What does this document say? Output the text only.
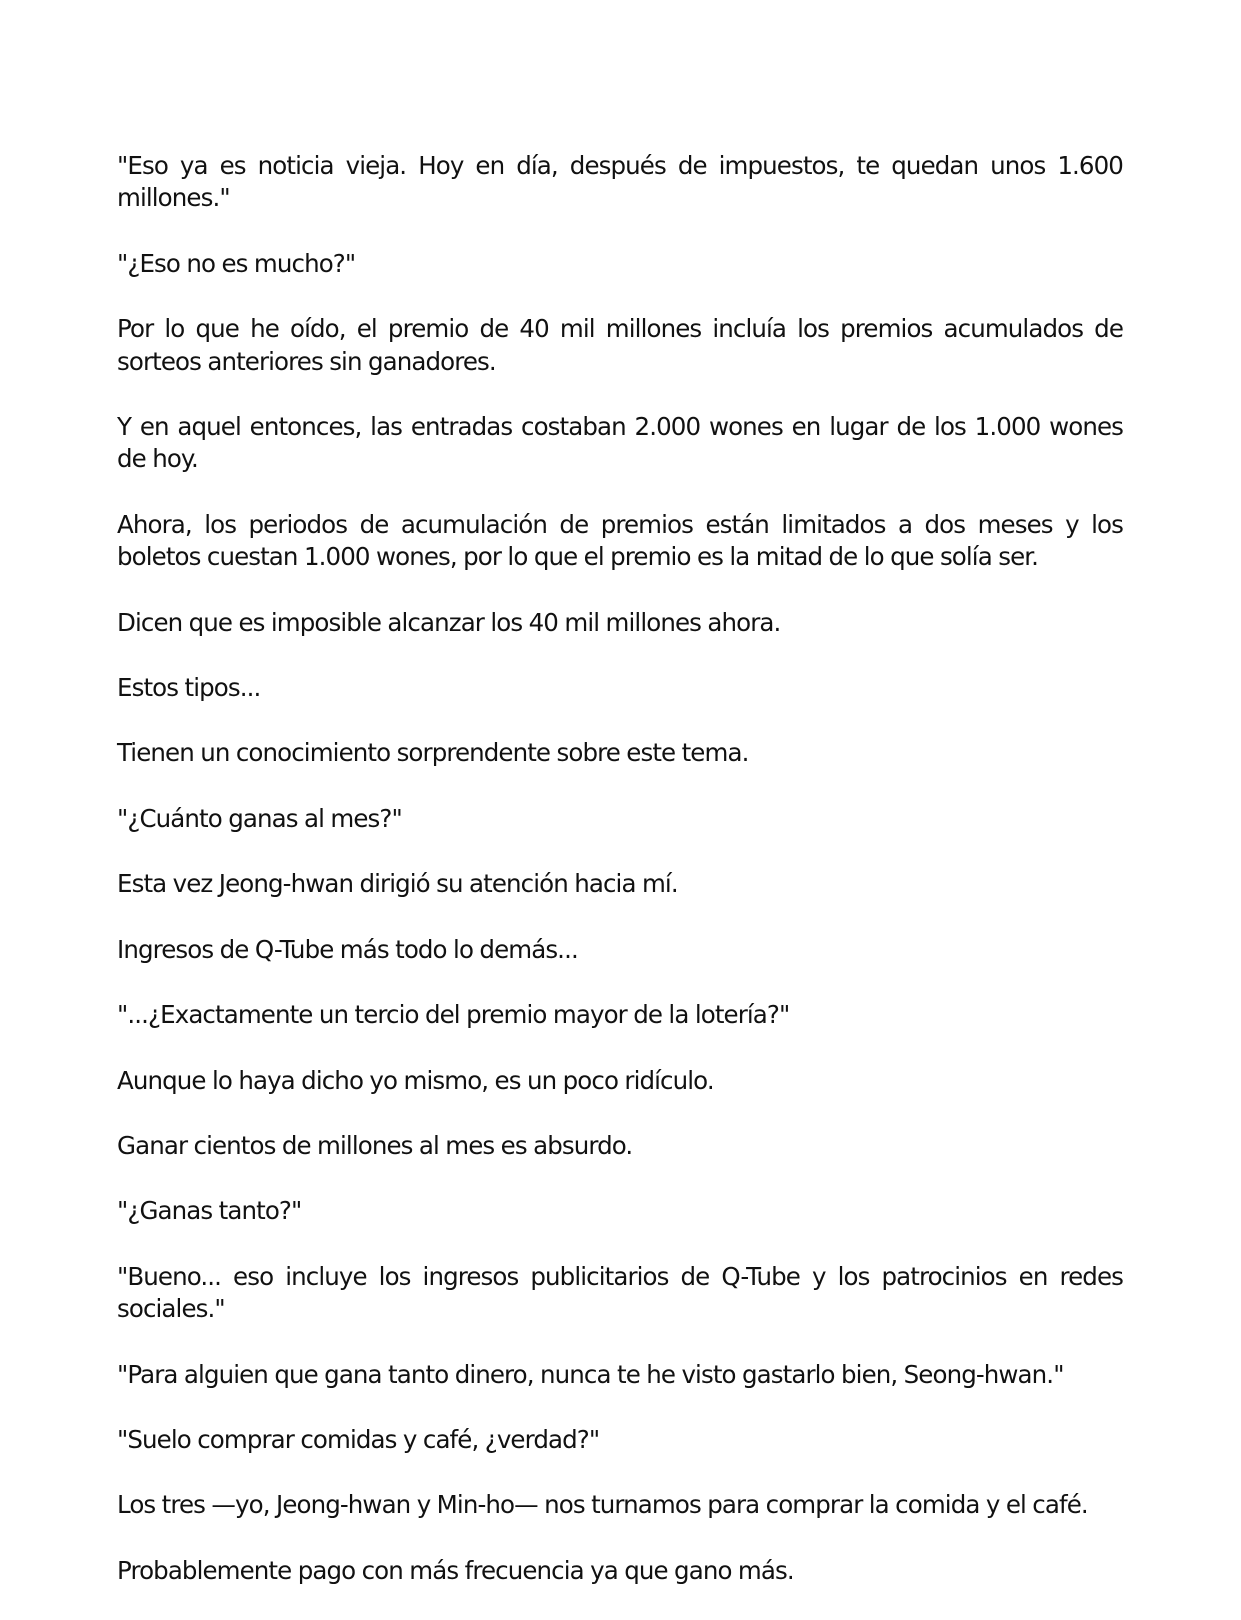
"Eso ya es noticia vieja. Hoy en día, después de impuestos, te quedan unos 1.600 millones."

"¿Eso no es mucho?"

Por lo que he oído, el premio de 40 mil millones incluía los premios acumulados de sorteos anteriores sin ganadores.

Y en aquel entonces, las entradas costaban 2.000 wones en lugar de los 1.000 wones de hoy.

Ahora, los periodos de acumulación de premios están limitados a dos meses y los boletos cuestan 1.000 wones, por lo que el premio es la mitad de lo que solía ser.

Dicen que es imposible alcanzar los 40 mil millones ahora.

Estos tipos...

Tienen un conocimiento sorprendente sobre este tema.

"¿Cuánto ganas al mes?"

Esta vez Jeong-hwan dirigió su atención hacia mí.

Ingresos de Q-Tube más todo lo demás...

"...¿Exactamente un tercio del premio mayor de la lotería?"

Aunque lo haya dicho yo mismo, es un poco ridículo.

Ganar cientos de millones al mes es absurdo.

"¿Ganas tanto?"

"Bueno... eso incluye los ingresos publicitarios de Q-Tube y los patrocinios en redes sociales."

"Para alguien que gana tanto dinero, nunca te he visto gastarlo bien, Seong-hwan."

"Suelo comprar comidas y café, ¿verdad?"

Los tres —yo, Jeong-hwan y Min-ho— nos turnamos para comprar la comida y el café.

Probablemente pago con más frecuencia ya que gano más.
